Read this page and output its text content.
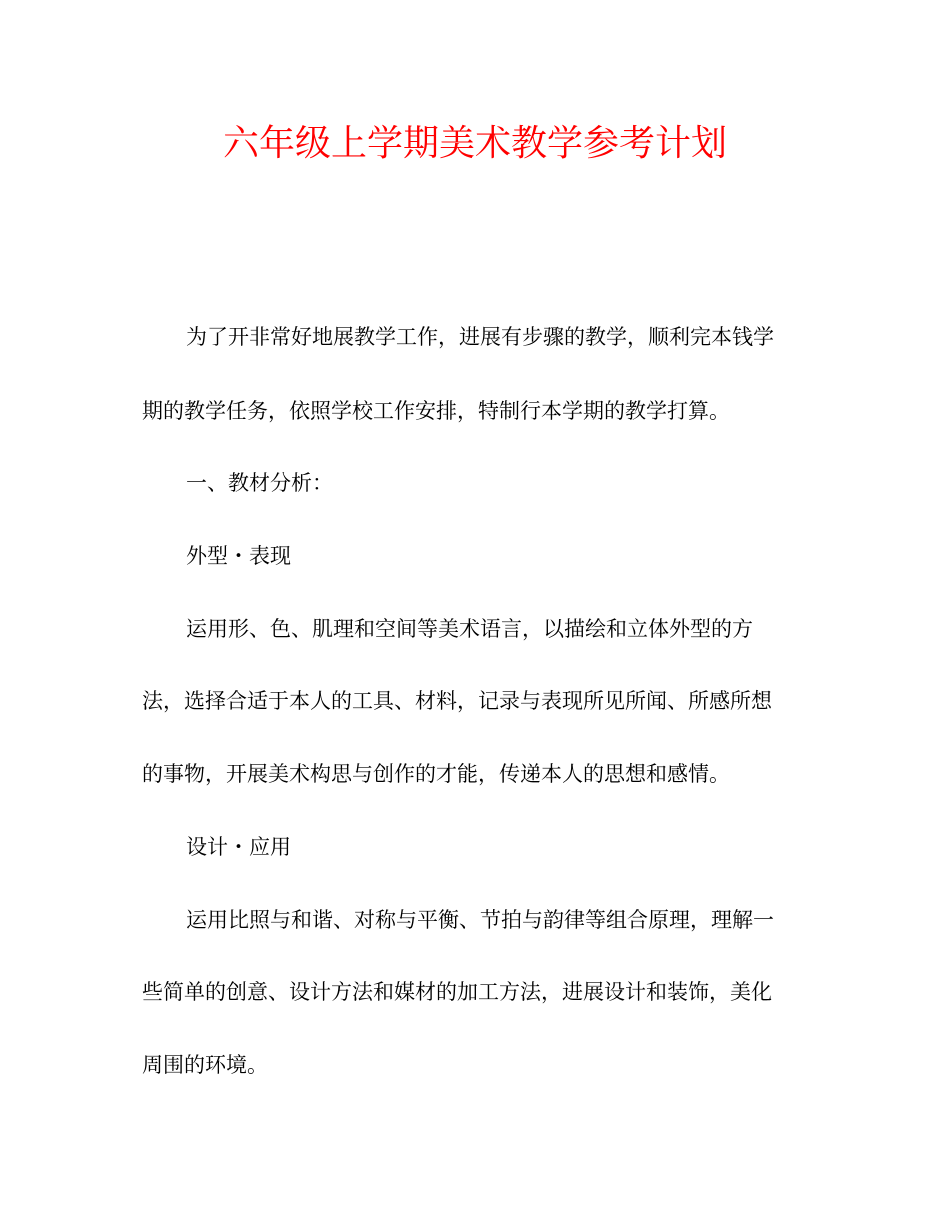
六年级上学期美术教学参考计划

为了开非常好地展教学工作，进展有步骤的教学，顺利完本钱学

期的教学任务，依照学校工作安排，特制行本学期的教学打算。

一、教材分析：

外型・表现

运用形、色、肌理和空间等美术语言，以描绘和立体外型的方

法，选择合适于本人的工具、材料，记录与表现所见所闻、所感所想

的事物，开展美术构思与创作的才能，传递本人的思想和感情。

设计・应用

运用比照与和谐、对称与平衡、节拍与韵律等组合原理，理解一

些简单的创意、设计方法和媒材的加工方法，进展设计和装饰，美化

周围的环境。
